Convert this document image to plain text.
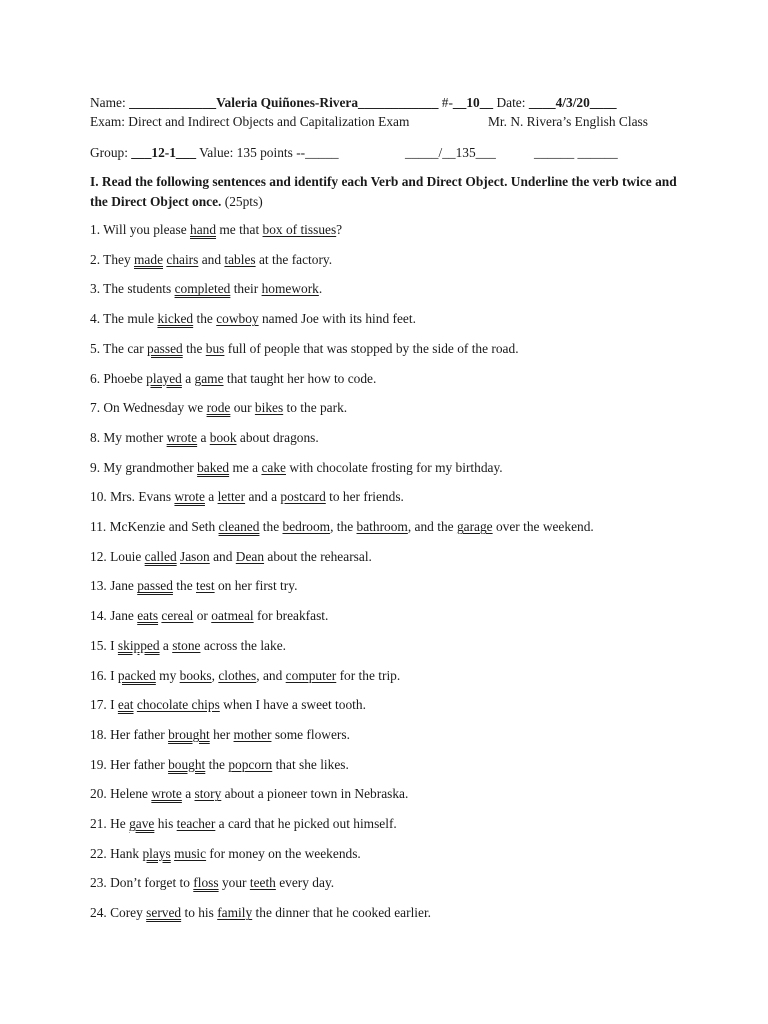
Name: _____________Valeria Quiñones-Rivera____________ #-__10__ Date: ____4/3/20____
Exam: Direct and Indirect Objects and Capitalization Exam	Mr. N. Rivera’s English Class
Group: ___12-1___ Value: 135 points --_____	_____/__135___	______ ______
I. Read the following sentences and identify each Verb and Direct Object. Underline the verb twice and the Direct Object once. (25pts)
1. Will you please hand me that box of tissues?
2. They made chairs and tables at the factory.
3. The students completed their homework.
4. The mule kicked the cowboy named Joe with its hind feet.
5. The car passed the bus full of people that was stopped by the side of the road.
6. Phoebe played a game that taught her how to code.
7. On Wednesday we rode our bikes to the park.
8. My mother wrote a book about dragons.
9. My grandmother baked me a cake with chocolate frosting for my birthday.
10. Mrs. Evans wrote a letter and a postcard to her friends.
11. McKenzie and Seth cleaned the bedroom, the bathroom, and the garage over the weekend.
12. Louie called Jason and Dean about the rehearsal.
13. Jane passed the test on her first try.
14. Jane eats cereal or oatmeal for breakfast.
15. I skipped a stone across the lake.
16. I packed my books, clothes, and computer for the trip.
17. I eat chocolate chips when I have a sweet tooth.
18. Her father brought her mother some flowers.
19. Her father bought the popcorn that she likes.
20. Helene wrote a story about a pioneer town in Nebraska.
21. He gave his teacher a card that he picked out himself.
22. Hank plays music for money on the weekends.
23. Don’t forget to floss your teeth every day.
24. Corey served to his family the dinner that he cooked earlier.
